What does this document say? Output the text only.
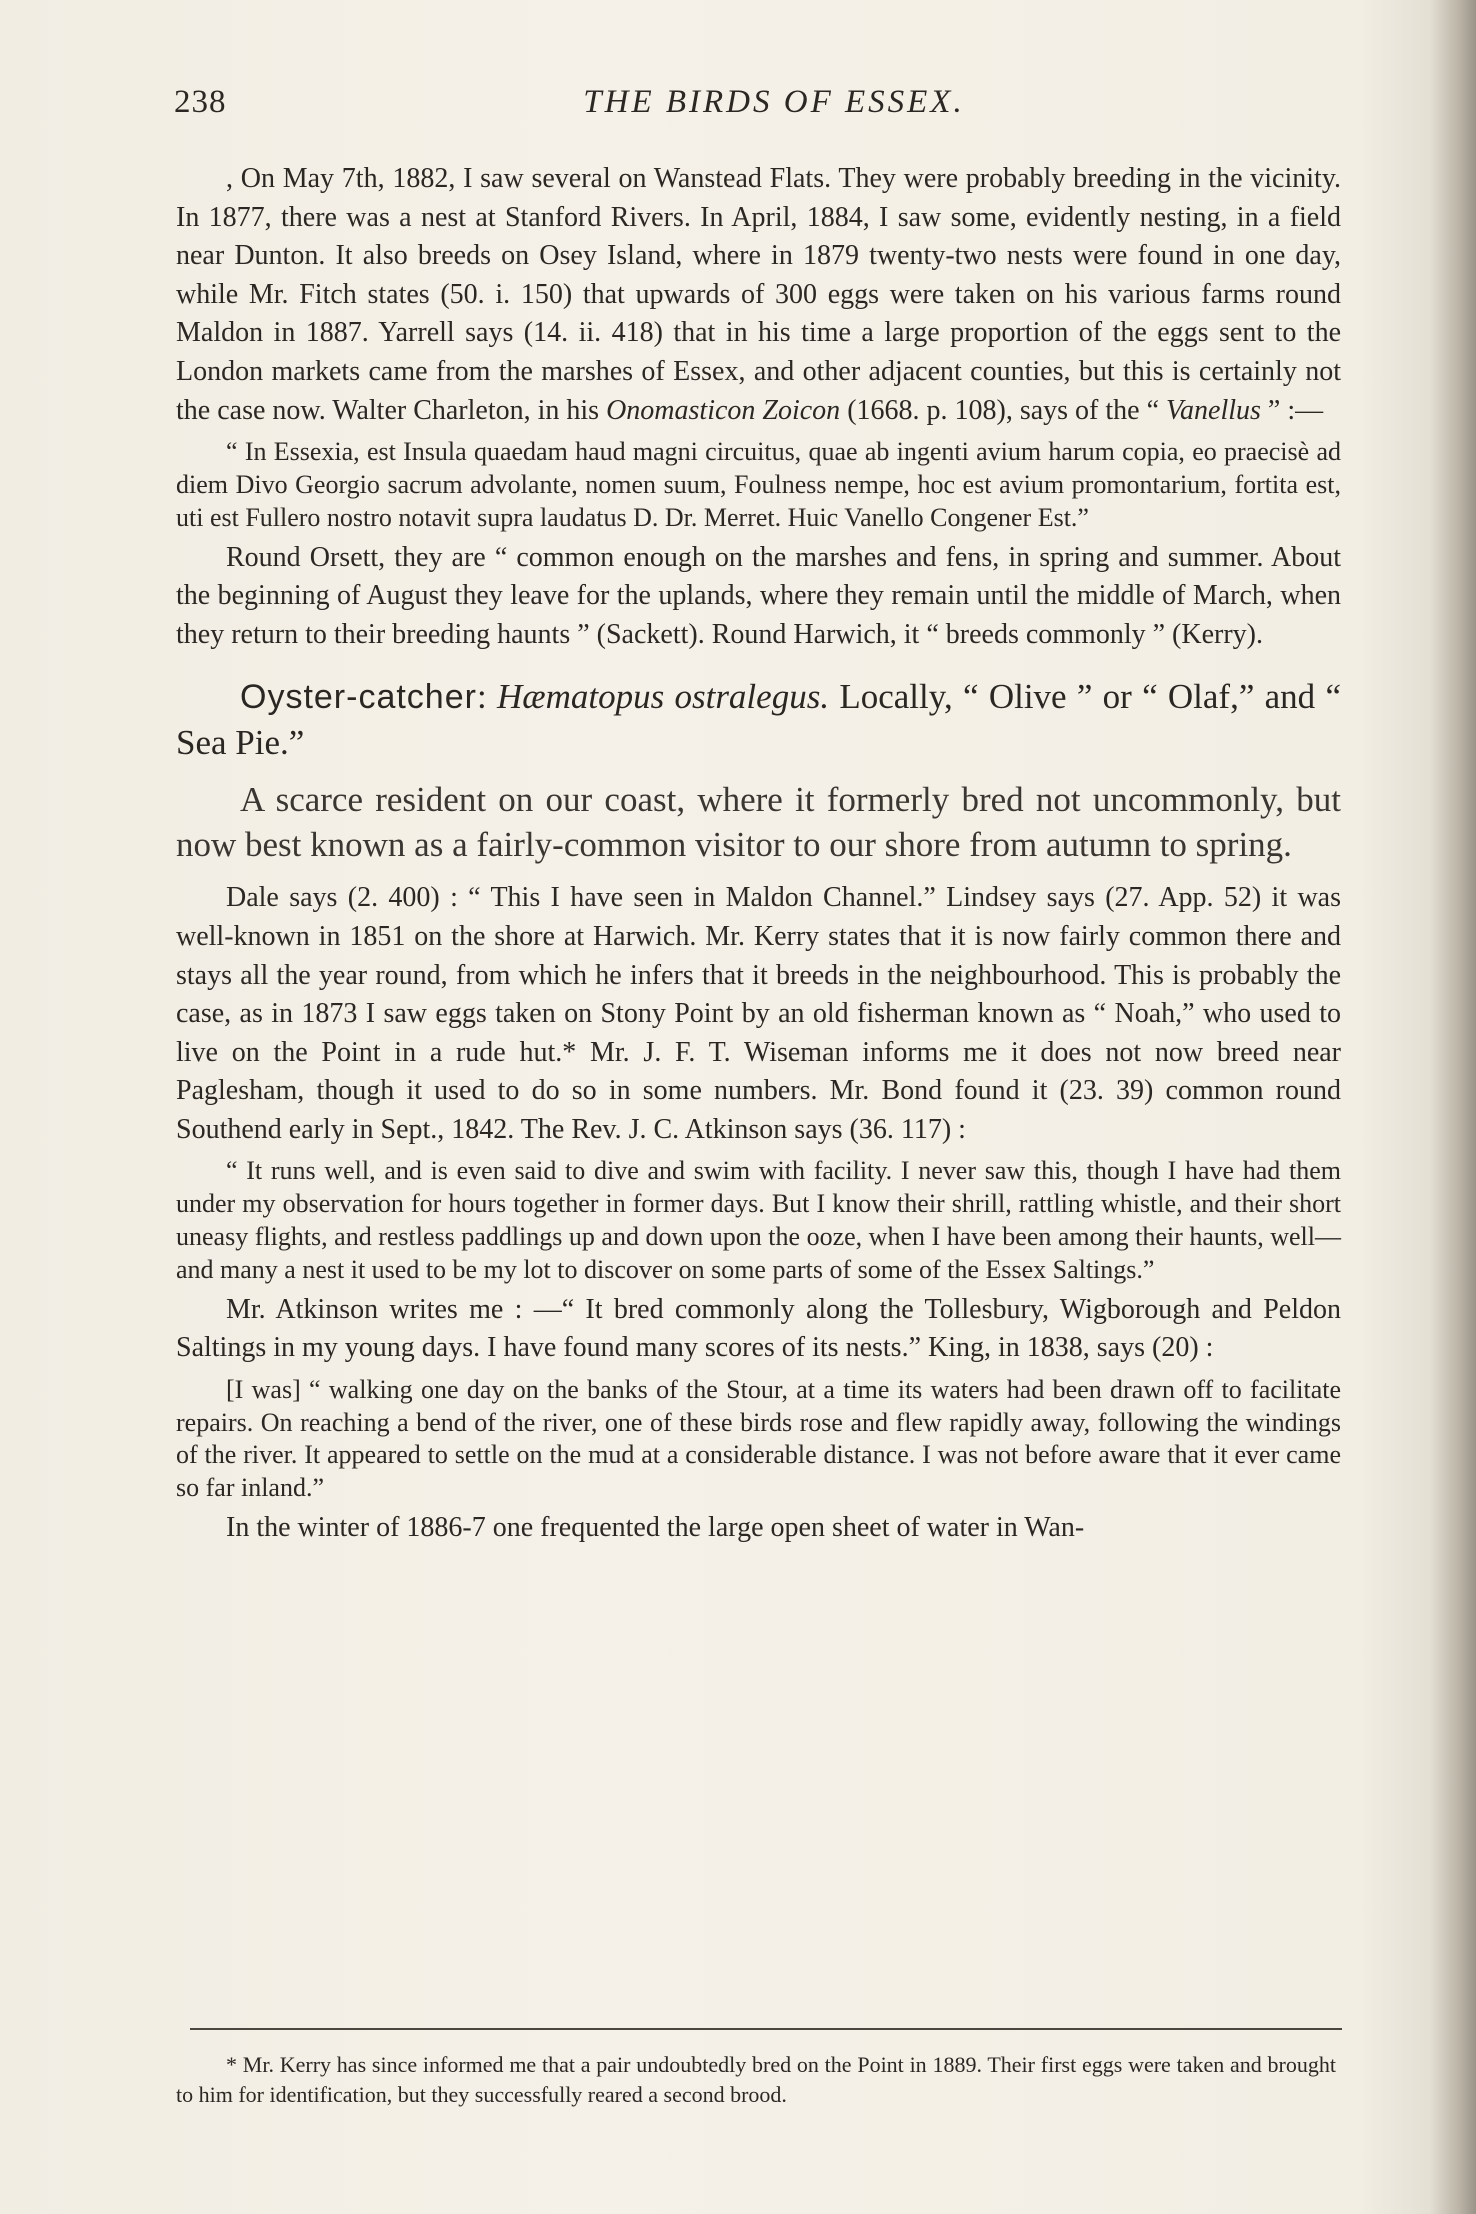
238	THE BIRDS OF ESSEX.

, On May 7th, 1882, I saw several on Wanstead Flats. They were probably breeding in the vicinity. In 1877, there was a nest at Stanford Rivers. In April, 1884, I saw some, evidently nesting, in a field near Dunton. It also breeds on Osey Island, where in 1879 twenty-two nests were found in one day, while Mr. Fitch states (50. i. 150) that upwards of 300 eggs were taken on his various farms round Maldon in 1887. Yarrell says (14. ii. 418) that in his time a large proportion of the eggs sent to the London markets came from the marshes of Essex, and other adjacent counties, but this is certainly not the case now. Walter Charleton, in his Onomasticon Zoicon (1668. p. 108), says of the “ Vanellus ” :—

“ In Essexia, est Insula quaedam haud magni circuitus, quae ab ingenti avium harum copia, eo praecisè ad diem Divo Georgio sacrum advolante, nomen suum, Foulness nempe, hoc est avium promontarium, fortita est, uti est Fullero nostro notavit supra laudatus D. Dr. Merret. Huic Vanello Congener Est.”

Round Orsett, they are “ common enough on the marshes and fens, in spring and summer. About the beginning of August they leave for the uplands, where they remain until the middle of March, when they return to their breeding haunts ” (Sackett). Round Harwich, it “ breeds commonly ” (Kerry).

Oyster-catcher: Hæmatopus ostralegus. Locally, “ Olive ” or “ Olaf,” and “ Sea Pie.”

A scarce resident on our coast, where it formerly bred not uncommonly, but now best known as a fairly-common visitor to our shore from autumn to spring.

Dale says (2. 400) : “ This I have seen in Maldon Channel.” Lindsey says (27. App. 52) it was well-known in 1851 on the shore at Harwich. Mr. Kerry states that it is now fairly common there and stays all the year round, from which he infers that it breeds in the neighbourhood. This is probably the case, as in 1873 I saw eggs taken on Stony Point by an old fisherman known as “ Noah,” who used to live on the Point in a rude hut.* Mr. J. F. T. Wiseman informs me it does not now breed near Paglesham, though it used to do so in some numbers. Mr. Bond found it (23. 39) common round Southend early in Sept., 1842. The Rev. J. C. Atkinson says (36. 117) :

“ It runs well, and is even said to dive and swim with facility. I never saw this, though I have had them under my observation for hours together in former days. But I know their shrill, rattling whistle, and their short uneasy flights, and restless paddlings up and down upon the ooze, when I have been among their haunts, well—and many a nest it used to be my lot to discover on some parts of some of the Essex Saltings.”

Mr. Atkinson writes me : —“ It bred commonly along the Tollesbury, Wigborough and Peldon Saltings in my young days. I have found many scores of its nests.” King, in 1838, says (20) :

[I was] “ walking one day on the banks of the Stour, at a time its waters had been drawn off to facilitate repairs. On reaching a bend of the river, one of these birds rose and flew rapidly away, following the windings of the river. It appeared to settle on the mud at a considerable distance. I was not before aware that it ever came so far inland.”

In the winter of 1886-7 one frequented the large open sheet of water in Wan-

* Mr. Kerry has since informed me that a pair undoubtedly bred on the Point in 1889. Their first eggs were taken and brought to him for identification, but they successfully reared a second brood.
